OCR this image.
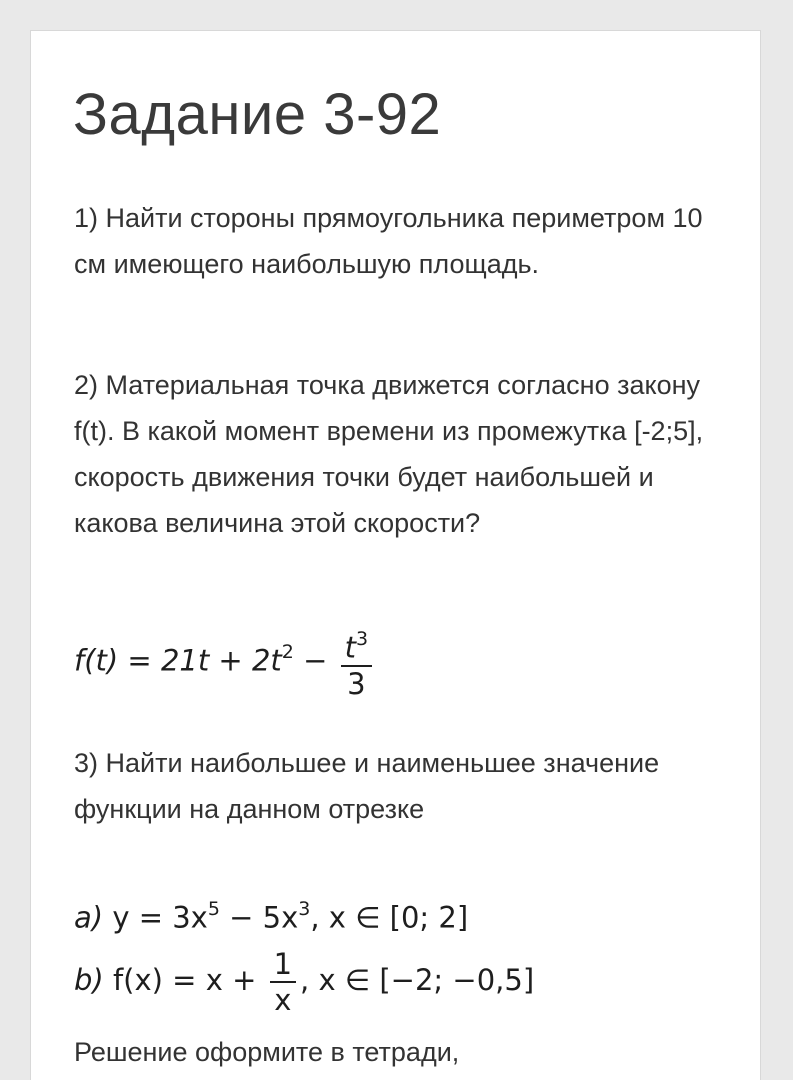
Задание 3-92

1) Найти стороны прямоугольника периметром 10 см имеющего наибольшую площадь.

2) Материальная точка движется согласно закону f(t). В какой момент времени из промежутка [-2;5], скорость движения точки будет наибольшей и какова величина этой скорости?

$f(t) = 21t + 2t^2 - \frac{t^3}{3}$

3) Найти наибольшее и наименьшее значение функции на данном отрезке

a) $y = 3x^5 - 5x^3$, x ∈ [0; 2]
b) $f(x) = x + \frac{1}{x}$ , x ∈ [−2; −0,5]

Решение оформите в тетради,
